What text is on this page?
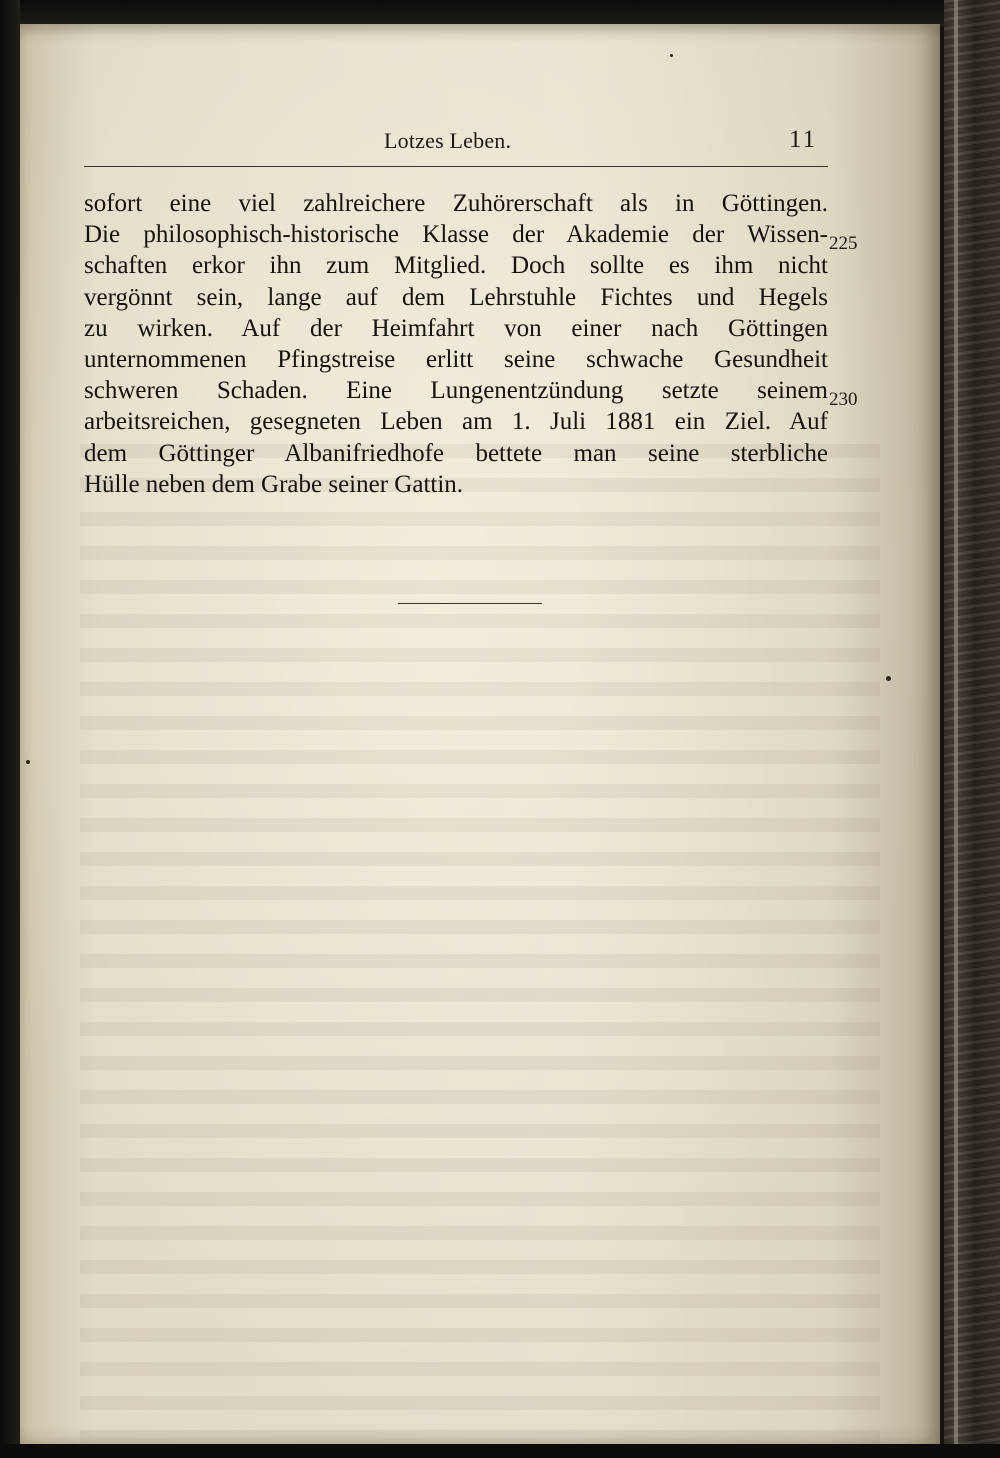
Lotzes Leben.	11
sofort eine viel zahlreichere Zuhörerschaft als in Göttingen.
Die philosophisch-historische Klasse der Akademie der Wissen-
schaften erkor ihn zum Mitglied. Doch sollte es ihm nicht
vergönnt sein, lange auf dem Lehrstuhle Fichtes und Hegels
zu wirken. Auf der Heimfahrt von einer nach Göttingen
unternommenen Pfingstreise erlitt seine schwache Gesundheit
schweren Schaden. Eine Lungenentzündung setzte seinem
arbeitsreichen, gesegneten Leben am 1. Juli 1881 ein Ziel. Auf
dem Göttinger Albanifriedhofe bettete man seine sterbliche
Hülle neben dem Grabe seiner Gattin.
225
230
